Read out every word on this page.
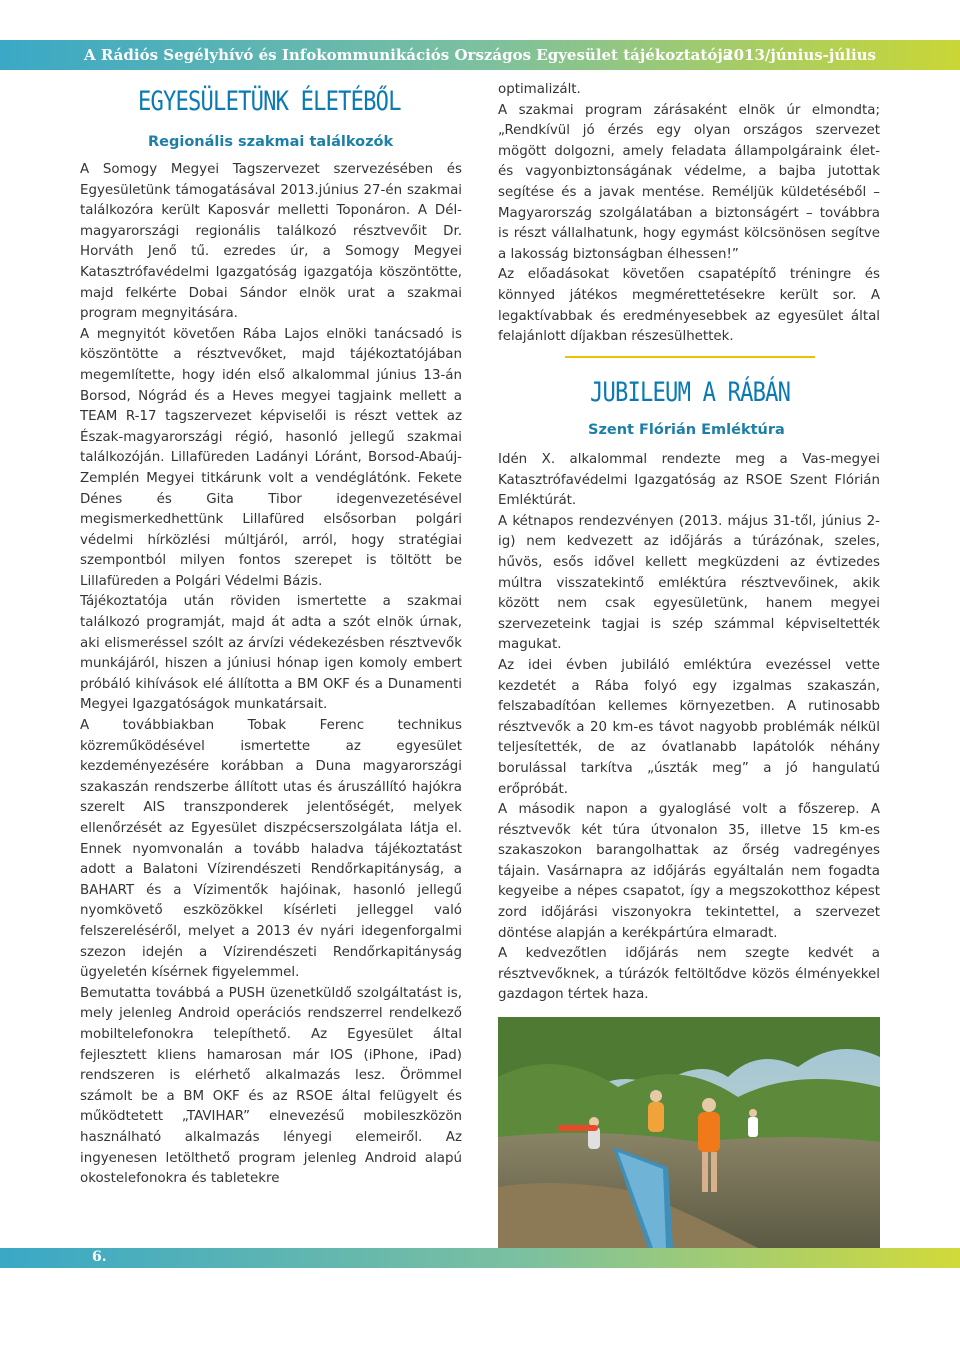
A Rádiós Segélyhívó és Infokommunikációs Országos Egyesület tájékoztatója
2013/június-július
EGYESÜLETÜNK ÉLETÉBŐL
Regionális szakmai találkozók

A Somogy Megyei Tagszervezet szervezésében és Egyesületünk támogatásával 2013.június 27-én szakmai találkozóra került Kaposvár melletti Toponáron. A Dél-magyarországi regionális találkozó résztvevőit Dr. Horváth Jenő tű. ezredes úr, a Somogy Megyei Katasztrófavédelmi Igazgatóság igazgatója köszöntötte, majd felkérte Dobai Sándor elnök urat a szakmai program megnyitására.

A megnyitót követően Rába Lajos elnöki tanácsadó is köszöntötte a résztvevőket, majd tájékoztatójában megemlítette, hogy idén első alkalommal június 13-án Borsod, Nógrád és a Heves megyei tagjaink mellett a TEAM R-17 tagszervezet képviselői is részt vettek az Észak-magyarországi régió, hasonló jellegű szakmai találkozóján. Lillafüreden Ladányi Lóránt, Borsod-Abaúj-Zemplén Megyei titkárunk volt a vendéglátónk. Fekete Dénes és Gita Tibor idegenvezetésével megismerkedhettünk Lillafüred elsősorban polgári védelmi hírközlési múltjáról, arról, hogy stratégiai szempontból milyen fontos szerepet is töltött be Lillafüreden a Polgári Védelmi Bázis.

Tájékoztatója után röviden ismertette a szakmai találkozó programját, majd át adta a szót elnök úrnak, aki elismeréssel szólt az árvízi védekezésben résztvevők munkájáról, hiszen a júniusi hónap igen komoly embert próbáló kihívások elé állította a BM OKF és a Dunamenti Megyei Igazgatóságok munkatársait.

A továbbiakban Tobak Ferenc technikus közreműködésével ismertette az egyesület kezdeményezésére korábban a Duna magyarországi szakaszán rendszerbe állított utas és áruszállító hajókra szerelt AIS transzponderek jelentőségét, melyek ellenőrzését az Egyesület diszpécserszolgálata látja el. Ennek nyomvonalán a tovább haladva tájékoztatást adott a Balatoni Vízirendészeti Rendőrkapitányság, a BAHART és a Vízimentők hajóinak, hasonló jellegű nyomkövető eszközökkel kísérleti jelleggel való felszereléséről, melyet a 2013 év nyári idegenforgalmi szezon idején a Vízirendészeti Rendőrkapitányság ügyeletén kísérnek figyelemmel.

Bemutatta továbbá a PUSH üzenetküldő szolgáltatást is, mely jelenleg Android operációs rendszerrel rendelkező mobiltelefonokra telepíthető. Az Egyesület által fejlesztett kliens hamarosan már IOS (iPhone, iPad) rendszeren is elérhető alkalmazás lesz. Örömmel számolt be a BM OKF és az RSOE által felügyelt és működtetett „TAVIHAR” elnevezésű mobileszközön használható alkalmazás lényegi elemeiről. Az ingyenesen letölthető program jelenleg Android alapú okostelefonokra és tabletekre

optimalizált.

A szakmai program zárásaként elnök úr elmondta; „Rendkívül jó érzés egy olyan országos szervezet mögött dolgozni, amely feladata állampolgáraink élet- és vagyonbiztonságának védelme, a bajba jutottak segítése és a javak mentése. Reméljük küldetéséből – Magyarország szolgálatában a biztonságért – továbbra is részt vállalhatunk, hogy egymást kölcsönösen segítve a lakosság biztonságban élhessen!”

Az előadásokat követően csapatépítő tréningre és könnyed játékos megmérettetésekre került sor. A legaktívabbak és eredményesebbek az egyesület által felajánlott díjakban részesülhettek.

JUBILEUM A RÁBÁN
Szent Flórián Emléktúra

Idén X. alkalommal rendezte meg a Vas-megyei Katasztrófavédelmi Igazgatóság az RSOE Szent Flórián Emléktúrát.

A kétnapos rendezvényen (2013. május 31-től, június 2-ig) nem kedvezett az időjárás a túrázónak, szeles, hűvös, esős idővel kellett megküzdeni az évtizedes múltra visszatekintő emléktúra résztvevőinek, akik között nem csak egyesületünk, hanem megyei szervezeteink tagjai is szép számmal képviseltették magukat.

Az idei évben jubiláló emléktúra evezéssel vette kezdetét a Rába folyó egy izgalmas szakaszán, felszabadítóan kellemes környezetben. A rutinosabb résztvevők a 20 km-es távot nagyobb problémák nélkül teljesítették, de az óvatlanabb lapátolók néhány borulással tarkítva „úszták meg” a jó hangulatú erőpróbát.

A második napon a gyaloglásé volt a főszerep. A résztvevők két túra útvonalon 35, illetve 15 km-es szakaszokon barangolhattak az őrség vadregényes tájain. Vasárnapra az időjárás egyáltalán nem fogadta kegyeibe a népes csapatot, így a megszokotthoz képest zord időjárási viszonyokra tekintettel, a szervezet döntése alapján a kerékpártúra elmaradt.

A kedvezőtlen időjárás nem szegte kedvét a résztvevőknek, a túrázók feltöltődve közös élményekkel gazdagon tértek haza.

6.
